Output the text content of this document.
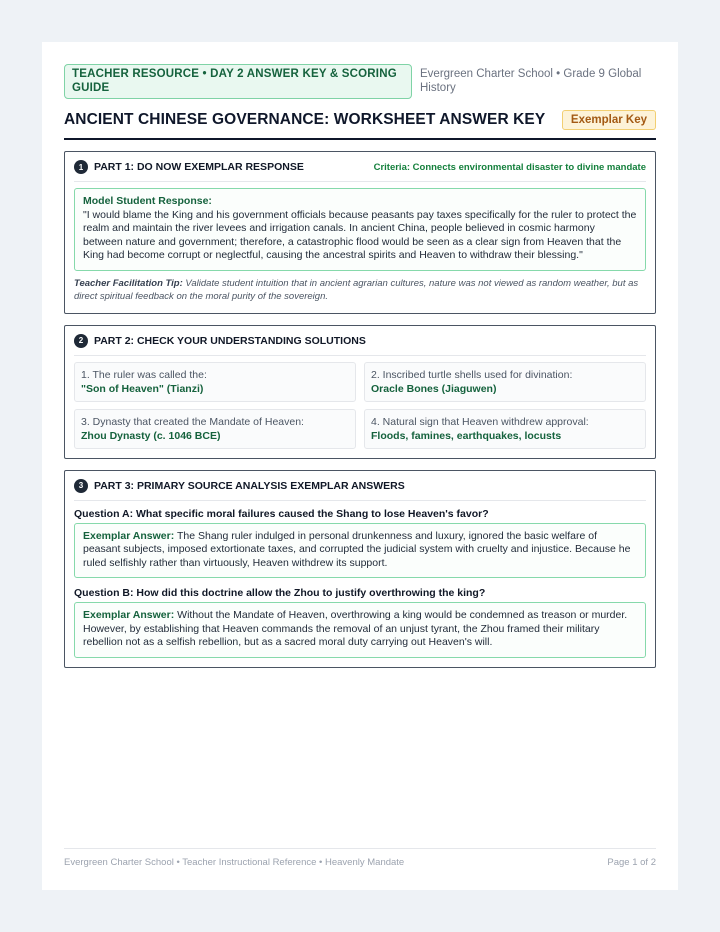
TEACHER RESOURCE • DAY 2 ANSWER KEY & SCORING GUIDE
Evergreen Charter School • Grade 9 Global History
ANCIENT CHINESE GOVERNANCE: WORKSHEET ANSWER KEY	Exemplar Key
1	PART 1: DO NOW EXEMPLAR RESPONSE	Criteria: Connects environmental disaster to divine mandate
Model Student Response:
"I would blame the King and his government officials because peasants pay taxes specifically for the ruler to protect the realm and maintain the river levees and irrigation canals. In ancient China, people believed in cosmic harmony between nature and government; therefore, a catastrophic flood would be seen as a clear sign from Heaven that the King had become corrupt or neglectful, causing the ancestral spirits and Heaven to withdraw their blessing."
Teacher Facilitation Tip: Validate student intuition that in ancient agrarian cultures, nature was not viewed as random weather, but as direct spiritual feedback on the moral purity of the sovereign.
2	PART 2: CHECK YOUR UNDERSTANDING SOLUTIONS
1. The ruler was called the:
"Son of Heaven" (Tianzi)
2. Inscribed turtle shells used for divination:
Oracle Bones (Jiaguwen)
3. Dynasty that created the Mandate of Heaven:
Zhou Dynasty (c. 1046 BCE)
4. Natural sign that Heaven withdrew approval:
Floods, famines, earthquakes, locusts
3	PART 3: PRIMARY SOURCE ANALYSIS EXEMPLAR ANSWERS
Question A: What specific moral failures caused the Shang to lose Heaven's favor?
Exemplar Answer: The Shang ruler indulged in personal drunkenness and luxury, ignored the basic welfare of peasant subjects, imposed extortionate taxes, and corrupted the judicial system with cruelty and injustice. Because he ruled selfishly rather than virtuously, Heaven withdrew its support.
Question B: How did this doctrine allow the Zhou to justify overthrowing the king?
Exemplar Answer: Without the Mandate of Heaven, overthrowing a king would be condemned as treason or murder. However, by establishing that Heaven commands the removal of an unjust tyrant, the Zhou framed their military rebellion not as a selfish rebellion, but as a sacred moral duty carrying out Heaven's will.
Evergreen Charter School • Teacher Instructional Reference • Heavenly Mandate	Page 1 of 2
